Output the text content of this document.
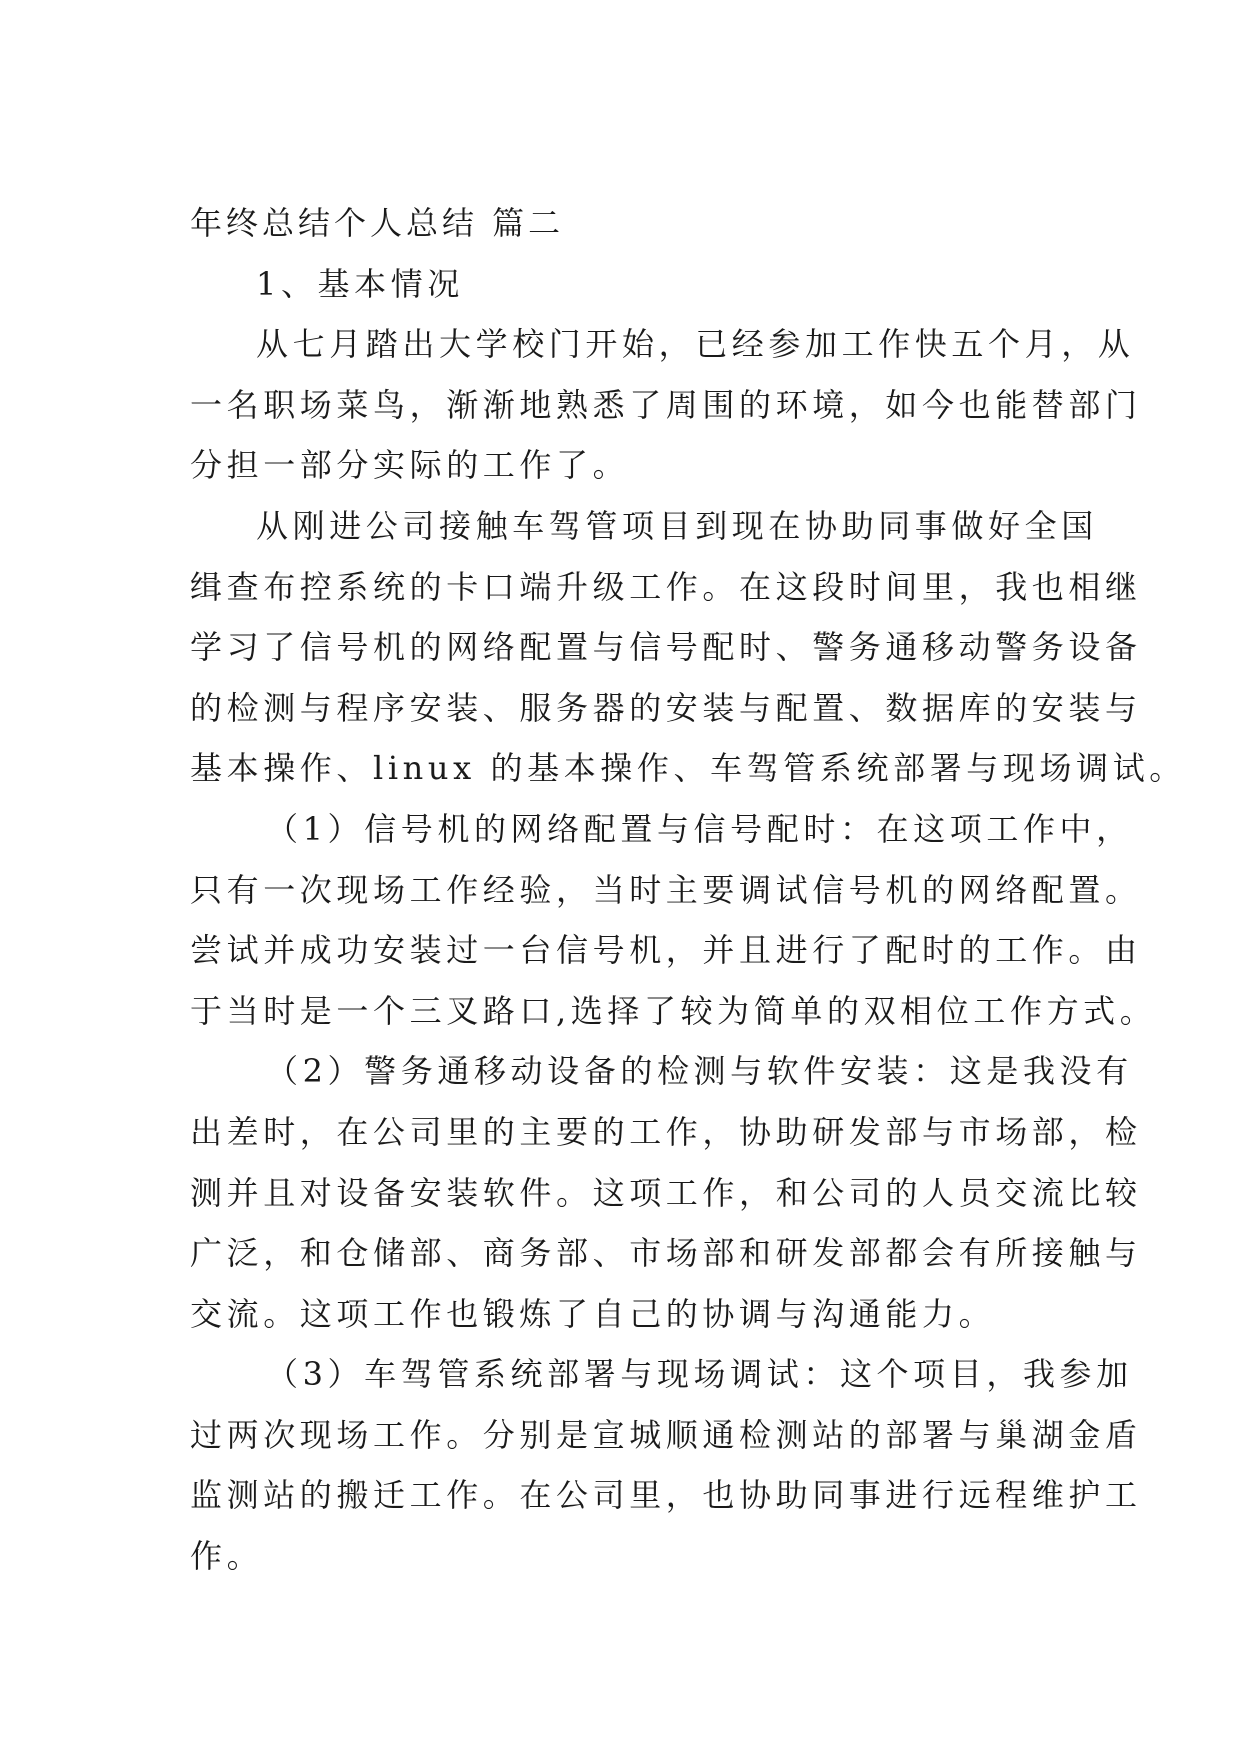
年终总结个人总结 篇二
1、基本情况
从七月踏出大学校门开始，已经参加工作快五个月，从
一名职场菜鸟，渐渐地熟悉了周围的环境，如今也能替部门
分担一部分实际的工作了。
从刚进公司接触车驾管项目到现在协助同事做好全国
缉查布控系统的卡口端升级工作。在这段时间里，我也相继
学习了信号机的网络配置与信号配时、警务通移动警务设备
的检测与程序安装、服务器的安装与配置、数据库的安装与
基本操作、linux 的基本操作、车驾管系统部署与现场调试。
（1）信号机的网络配置与信号配时：在这项工作中，
只有一次现场工作经验，当时主要调试信号机的网络配置。
尝试并成功安装过一台信号机，并且进行了配时的工作。由
于当时是一个三叉路口,选择了较为简单的双相位工作方式。
（2）警务通移动设备的检测与软件安装：这是我没有
出差时，在公司里的主要的工作，协助研发部与市场部，检
测并且对设备安装软件。这项工作，和公司的人员交流比较
广泛，和仓储部、商务部、市场部和研发部都会有所接触与
交流。这项工作也锻炼了自己的协调与沟通能力。
（3）车驾管系统部署与现场调试：这个项目，我参加
过两次现场工作。分别是宣城顺通检测站的部署与巢湖金盾
监测站的搬迁工作。在公司里，也协助同事进行远程维护工
作。
